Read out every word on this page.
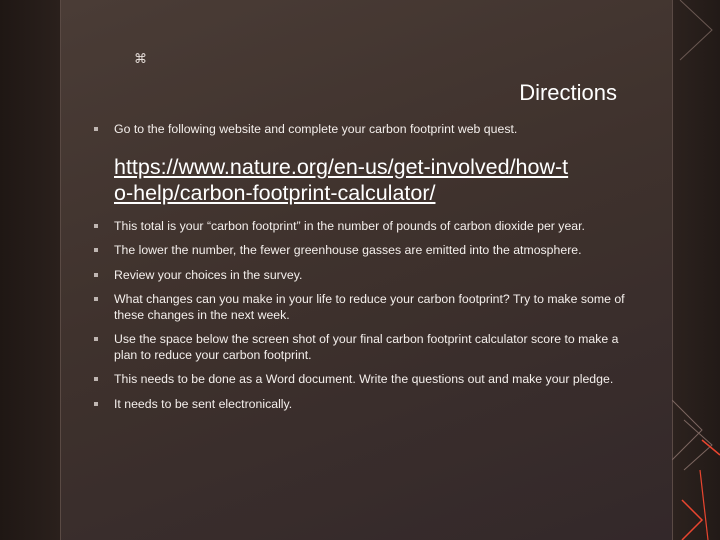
⌘
Directions
Go to the following website and complete your carbon footprint web quest.
https://www.nature.org/en-us/get-involved/how-to-help/carbon-footprint-calculator/
This total is your “carbon footprint” in the number of pounds of carbon dioxide per year.
The lower the number, the fewer greenhouse gasses are emitted into the atmosphere.
Review your choices in the survey.
What changes can you make in your life to reduce your carbon footprint? Try to make some of these changes in the next week.
Use the space below the screen shot of your final carbon footprint calculator score to make a plan to reduce your carbon footprint.
This needs to be done as a Word document. Write the questions out and make your pledge.
It needs to be sent electronically.
